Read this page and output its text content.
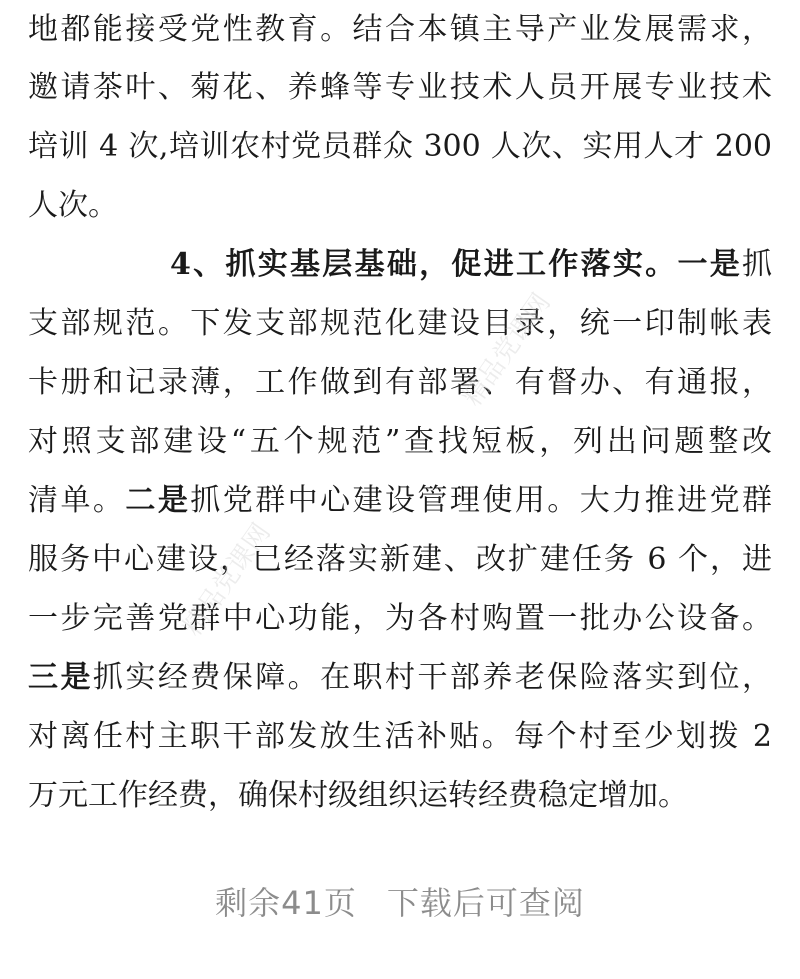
地都能接受党性教育。结合本镇主导产业发展需求，
邀请茶叶、菊花、养蜂等专业技术人员开展专业技术
培训 4 次,培训农村党员群众 300 人次、实用人才 200
人次。
4、抓实基层基础，促进工作落实。一是抓
支部规范。下发支部规范化建设目录，统一印制帐表
卡册和记录薄，工作做到有部署、有督办、有通报，
对照支部建设“五个规范”查找短板，列出问题整改
清单。二是抓党群中心建设管理使用。大力推进党群
服务中心建设，已经落实新建、改扩建任务 6 个，进
一步完善党群中心功能，为各村购置一批办公设备。
三是抓实经费保障。在职村干部养老保险落实到位，
对离任村主职干部发放生活补贴。每个村至少划拨 2
万元工作经费，确保村级组织运转经费稳定增加。
精品党课网
精品党课网
剩余41页 下载后可查阅
